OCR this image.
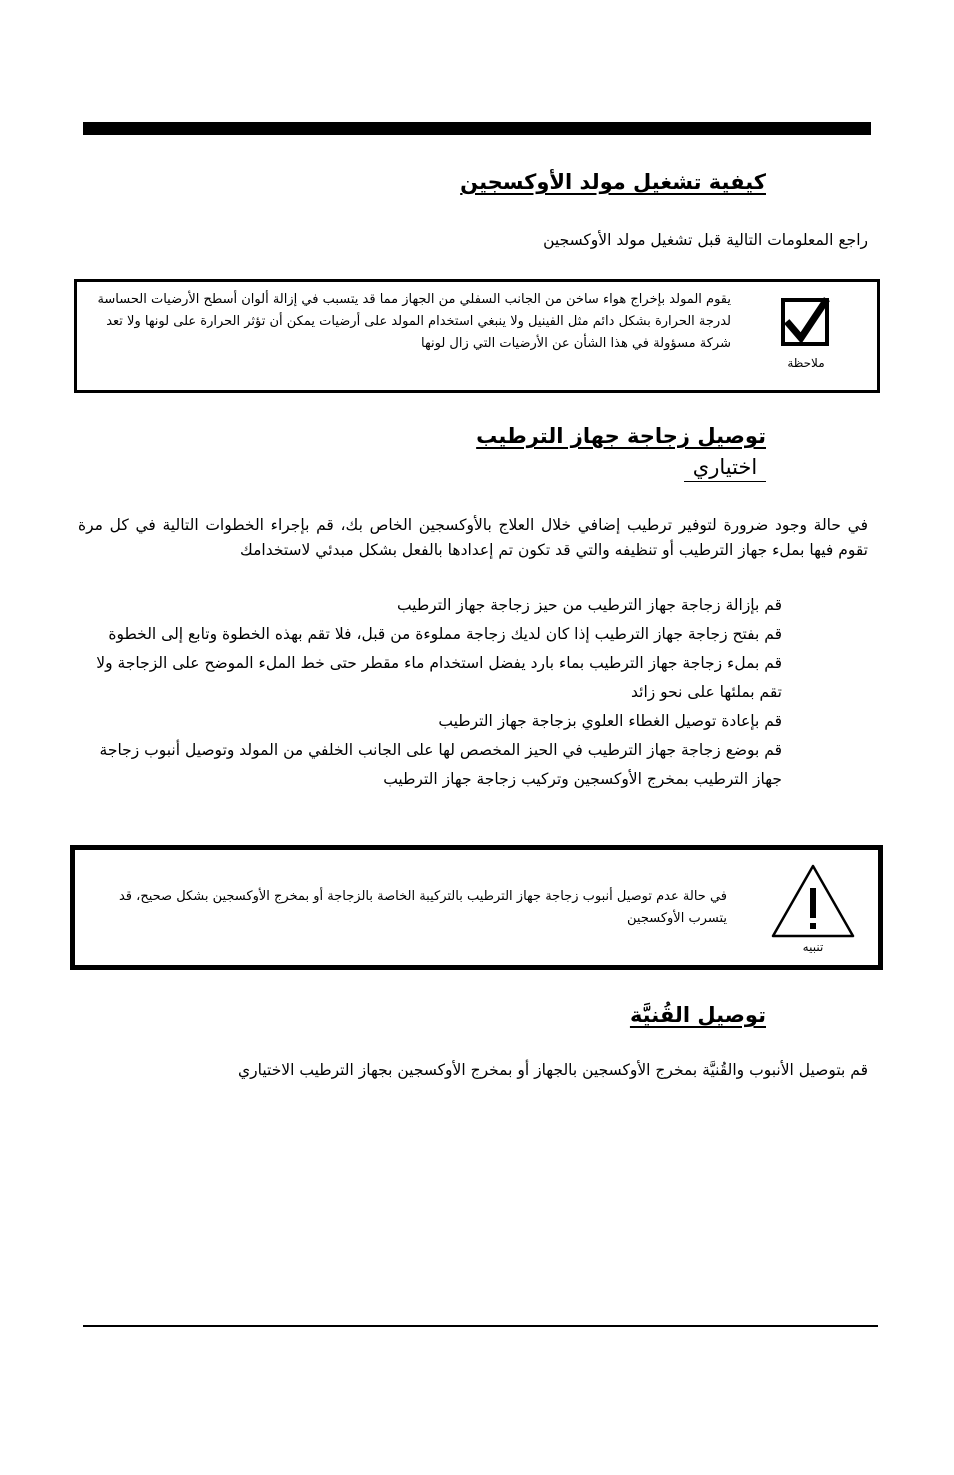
كيفية تشغيل مولد الأوكسجين
راجع المعلومات التالية قبل تشغيل مولد الأوكسجين
ملاحظة
يقوم المولد بإخراج هواء ساخن من الجانب السفلي من الجهاز مما قد يتسبب في إزالة ألوان أسطح الأرضيات الحساسة لدرجة الحرارة بشكل دائم مثل الفينيل ولا ينبغي استخدام المولد على أرضيات يمكن أن تؤثر الحرارة على لونها ولا تعد شركة مسؤولة في هذا الشأن عن الأرضيات التي زال لونها
توصيل زجاجة جهاز الترطيب
اختياري
في حالة وجود ضرورة لتوفير ترطيب إضافي خلال العلاج بالأوكسجين الخاص بك، قم بإجراء الخطوات التالية في كل مرة تقوم فيها بملء جهاز الترطيب أو تنظيفه والتي قد تكون تم إعدادها بالفعل بشكل مبدئي لاستخدامك
قم بإزالة زجاجة جهاز الترطيب من حيز زجاجة جهاز الترطيب
قم بفتح زجاجة جهاز الترطيب إذا كان لديك زجاجة مملوءة من قبل، فلا تقم بهذه الخطوة وتابع إلى الخطوة
قم بملء زجاجة جهاز الترطيب بماء بارد يفضل استخدام ماء مقطر حتى خط الملء الموضح على الزجاجة ولا تقم بملئها على نحو زائد
قم بإعادة توصيل الغطاء العلوي بزجاجة جهاز الترطيب
قم بوضع زجاجة جهاز الترطيب في الحيز المخصص لها على الجانب الخلفي من المولد وتوصيل أنبوب زجاجة جهاز الترطيب بمخرج الأوكسجين وتركيب زجاجة جهاز الترطيب
تنبيه
في حالة عدم توصيل أنبوب زجاجة جهاز الترطيب بالتركيبة الخاصة بالزجاجة أو بمخرج الأوكسجين بشكل صحيح، قد يتسرب الأوكسجين
توصيل القُنيَّة
قم بتوصيل الأنبوب والقُنيَّة بمخرج الأوكسجين بالجهاز أو بمخرج الأوكسجين بجهاز الترطيب الاختياري
